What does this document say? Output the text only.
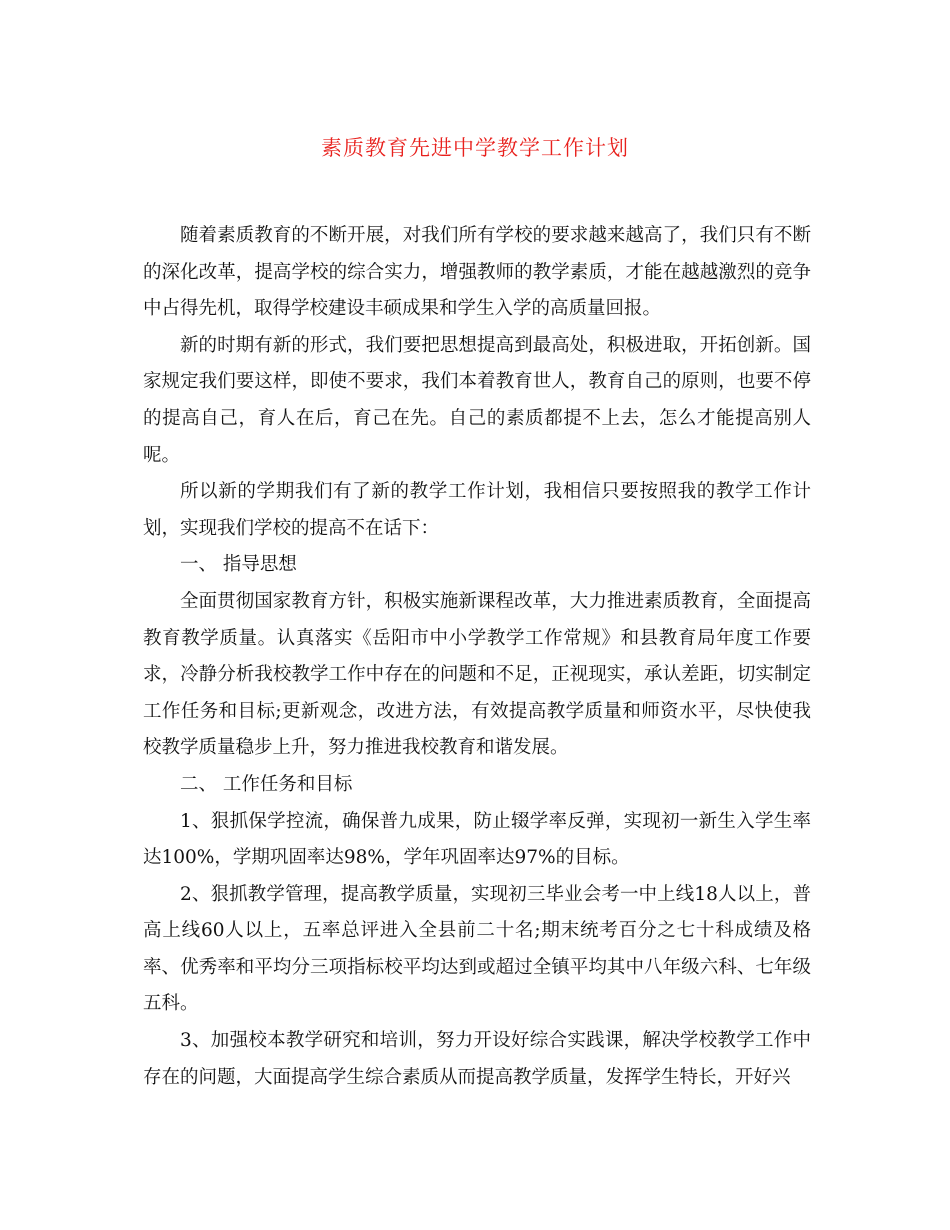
素质教育先进中学教学工作计划

随着素质教育的不断开展，对我们所有学校的要求越来越高了，我们只有不断的深化改革，提高学校的综合实力，增强教师的教学素质，才能在越越激烈的竞争中占得先机，取得学校建设丰硕成果和学生入学的高质量回报。

新的时期有新的形式，我们要把思想提高到最高处，积极进取，开拓创新。国家规定我们要这样，即使不要求，我们本着教育世人，教育自己的原则，也要不停的提高自己，育人在后，育己在先。自己的素质都提不上去，怎么才能提高别人呢。

所以新的学期我们有了新的教学工作计划，我相信只要按照我的教学工作计划，实现我们学校的提高不在话下：

一、 指导思想

全面贯彻国家教育方针，积极实施新课程改革，大力推进素质教育，全面提高教育教学质量。认真落实《岳阳市中小学教学工作常规》和县教育局年度工作要求，冷静分析我校教学工作中存在的问题和不足，正视现实，承认差距，切实制定工作任务和目标;更新观念，改进方法，有效提高教学质量和师资水平，尽快使我校教学质量稳步上升，努力推进我校教育和谐发展。

二、 工作任务和目标

1、狠抓保学控流，确保普九成果，防止辍学率反弹，实现初一新生入学生率达100%，学期巩固率达98%，学年巩固率达97%的目标。

2、狠抓教学管理，提高教学质量，实现初三毕业会考一中上线18人以上，普高上线60人以上，五率总评进入全县前二十名;期末统考百分之七十科成绩及格率、优秀率和平均分三项指标校平均达到或超过全镇平均其中八年级六科、七年级五科。

3、加强校本教学研究和培训，努力开设好综合实践课，解决学校教学工作中存在的问题，大面提高学生综合素质从而提高教学质量，发挥学生特长，开好兴
